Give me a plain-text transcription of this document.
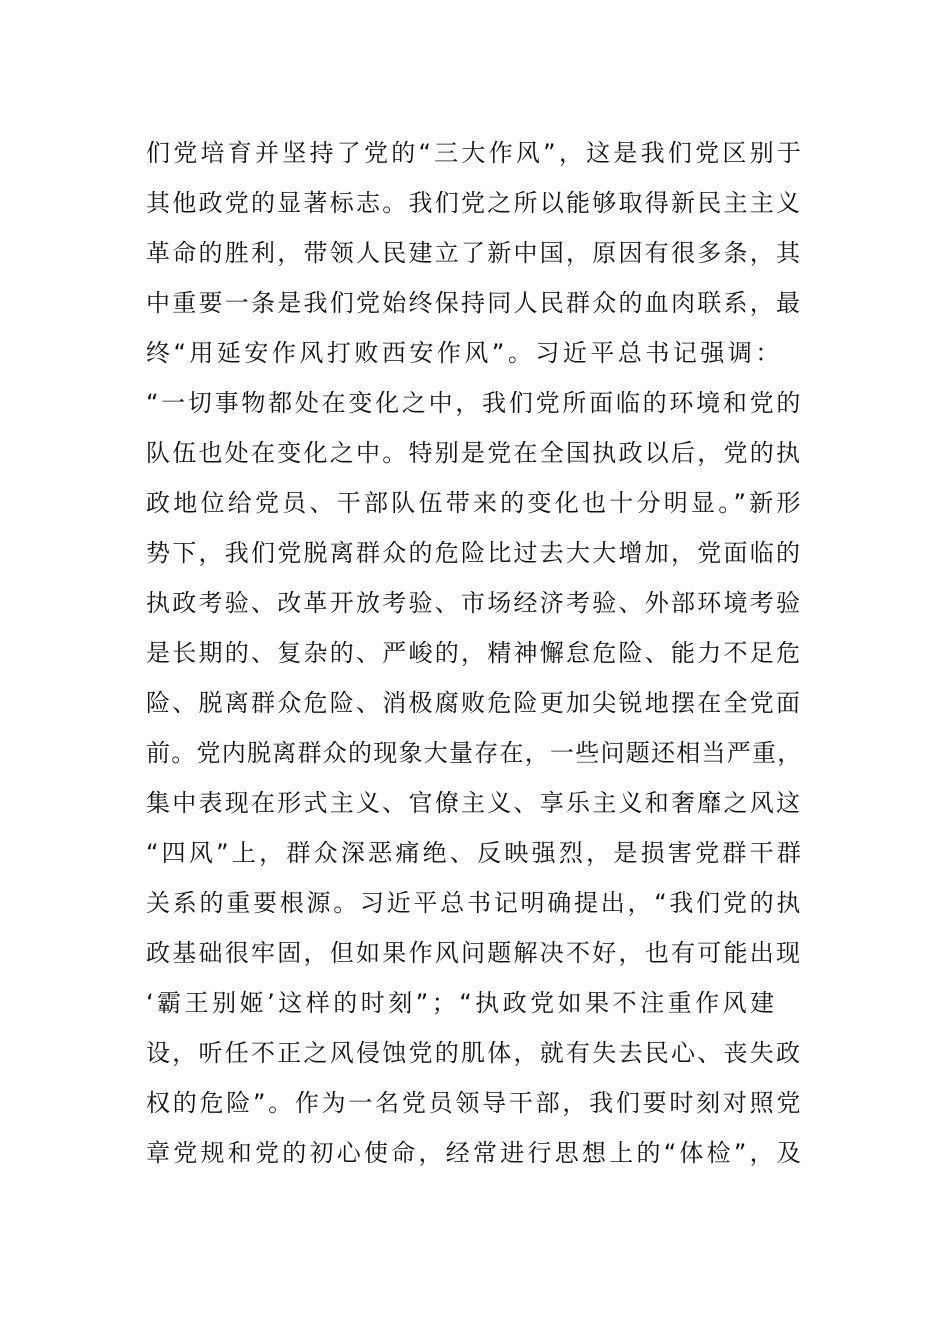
们党培育并坚持了党的“三大作风”，这是我们党区别于
其他政党的显著标志。我们党之所以能够取得新民主主义
革命的胜利，带领人民建立了新中国，原因有很多条，其
中重要一条是我们党始终保持同人民群众的血肉联系，最
终“用延安作风打败西安作风”。习近平总书记强调：
“一切事物都处在变化之中，我们党所面临的环境和党的
队伍也处在变化之中。特别是党在全国执政以后，党的执
政地位给党员、干部队伍带来的变化也十分明显。”新形
势下，我们党脱离群众的危险比过去大大增加，党面临的
执政考验、改革开放考验、市场经济考验、外部环境考验
是长期的、复杂的、严峻的，精神懈怠危险、能力不足危
险、脱离群众危险、消极腐败危险更加尖锐地摆在全党面
前。党内脱离群众的现象大量存在，一些问题还相当严重，
集中表现在形式主义、官僚主义、享乐主义和奢靡之风这
“四风”上，群众深恶痛绝、反映强烈，是损害党群干群
关系的重要根源。习近平总书记明确提出，“我们党的执
政基础很牢固，但如果作风问题解决不好，也有可能出现
‘霸王别姬’这样的时刻”；“执政党如果不注重作风建
设，听任不正之风侵蚀党的肌体，就有失去民心、丧失政
权的危险”。作为一名党员领导干部，我们要时刻对照党
章党规和党的初心使命，经常进行思想上的“体检”，及
